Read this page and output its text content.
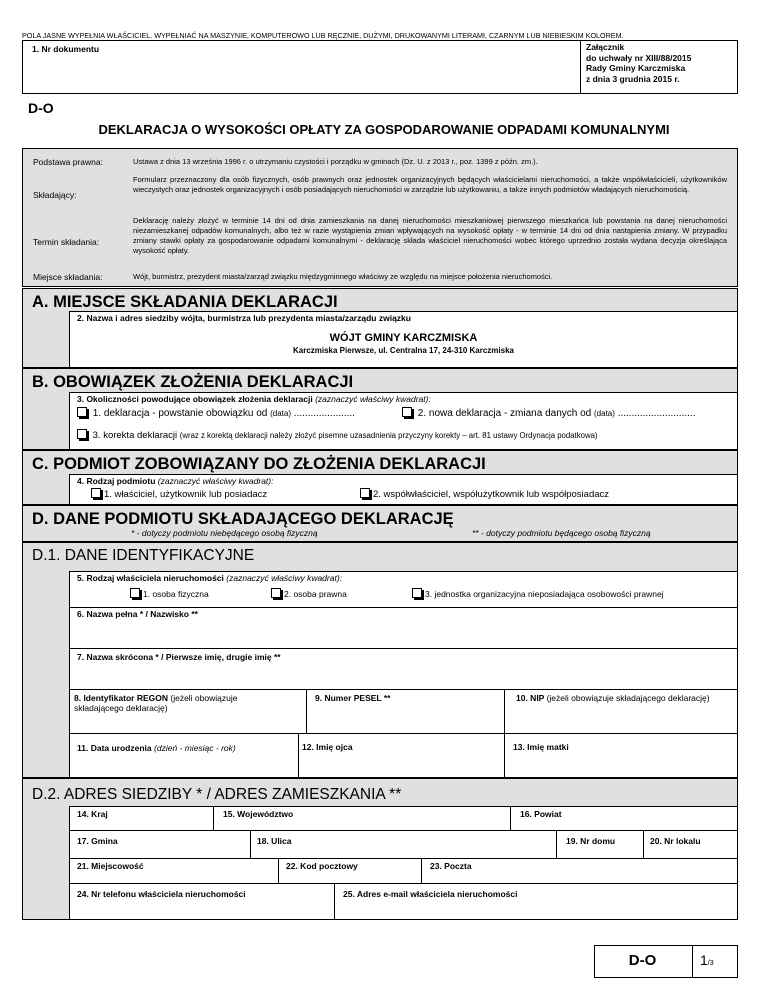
POLA JASNE WYPEŁNIA WŁAŚCICIEL. WYPEŁNIAĆ NA MASZYNIE, KOMPUTEROWO LUB RĘCZNIE, DUŻYMI, DRUKOWANYMI LITERAMI, CZARNYM LUB NIEBIESKIM KOLOREM.
1. Nr dokumentu	Załącznik
do uchwały nr XIII/88/2015
Rady Gminy Karczmiska
z dnia 3 grudnia 2015 r.
D-O
DEKLARACJA O WYSOKOŚCI OPŁATY ZA GOSPODAROWANIE ODPADAMI KOMUNALNYMI
Podstawa prawna:	Ustawa z dnia 13 września 1996 r. o utrzymaniu czystości i porządku w gminach (Dz. U. z 2013 r., poz. 1399 z późn. zm.).
Składający:
Formularz przeznaczony dla osób fizycznych, osób prawnych oraz jednostek organizacyjnych będących właścicielami nieruchomości, a także współwłaścicieli, użytkowników wieczystych oraz jednostek organizacyjnych i osób posiadających nieruchomości w zarządzie lub użytkowaniu, a także innych podmiotów władających nieruchomością.
Termin składania:
Deklarację należy złożyć w terminie 14 dni od dnia zamieszkania na danej nieruchomości mieszkaniowej pierwszego mieszkańca lub powstania na danej nieruchomości niezamieszkanej odpadów komunalnych, albo też w razie wystąpienia zmian wpływających na wysokość opłaty - w terminie 14 dni od dnia nastąpienia zmiany. W przypadku zmiany stawki opłaty za gospodarowanie odpadami komunalnymi - deklarację składa właściciel nieruchomości wobec którego uprzednio została wydana decyzja określająca wysokość opłaty.
Miejsce składania:	Wójt, burmistrz, prezydent miasta/zarząd związku międzygminnego właściwy ze względu na miejsce położenia nieruchomości.
A. MIEJSCE SKŁADANIA DEKLARACJI
2. Nazwa i adres siedziby wójta, burmistrza lub prezydenta miasta/zarządu związku
WÓJT GMINY KARCZMISKA
Karczmiska Pierwsze, ul. Centralna 17, 24-310 Karczmiska
B. OBOWIĄZEK ZŁOŻENIA DEKLARACJI
3. Okoliczności powodujące obowiązek złożenia deklaracji (zaznaczyć właściwy kwadrat):
1. deklaracja - powstanie obowiązku od (data) ......................	2. nowa deklaracja - zmiana danych od (data) ............................
3. korekta deklaracji (wraz z korektą deklaracji należy złożyć pisemne uzasadnienia przyczyny korekty – art. 81 ustawy Ordynacja podatkowa)
C. PODMIOT ZOBOWIĄZANY DO ZŁOŻENIA DEKLARACJI
4. Rodzaj podmiotu (zaznaczyć właściwy kwadrat):
1. właściciel, użytkownik lub posiadacz	2. współwłaściciel, współużytkownik lub współposiadacz
D. DANE PODMIOTU SKŁADAJĄCEGO DEKLARACJĘ
* - dotyczy podmiotu niebędącego osobą fizyczną	** - dotyczy podmiotu będącego osobą fizyczną
D.1. DANE IDENTYFIKACYJNE
5. Rodzaj właściciela nieruchomości (zaznaczyć właściwy kwadrat):
1. osoba fizyczna	2. osoba prawna	3. jednostka organizacyjna nieposiadająca osobowości prawnej
6. Nazwa pełna * / Nazwisko **
7. Nazwa skrócona * / Pierwsze imię, drugie imię **
8. Identyfikator REGON (jeżeli obowiązuje
składającego deklarację)
9. Numer PESEL **	10. NIP (jeżeli obowiązuje składającego deklarację)
11. Data urodzenia (dzień - miesiąc - rok)	12. Imię ojca	13. Imię matki
D.2. ADRES SIEDZIBY * / ADRES ZAMIESZKANIA **
14. Kraj	15. Województwo	16. Powiat
17. Gmina	18. Ulica	19. Nr domu	20. Nr lokalu
21. Miejscowość	22. Kod pocztowy	23. Poczta
24. Nr telefonu właściciela nieruchomości	25. Adres e-mail właściciela nieruchomości
D-O	1/3
